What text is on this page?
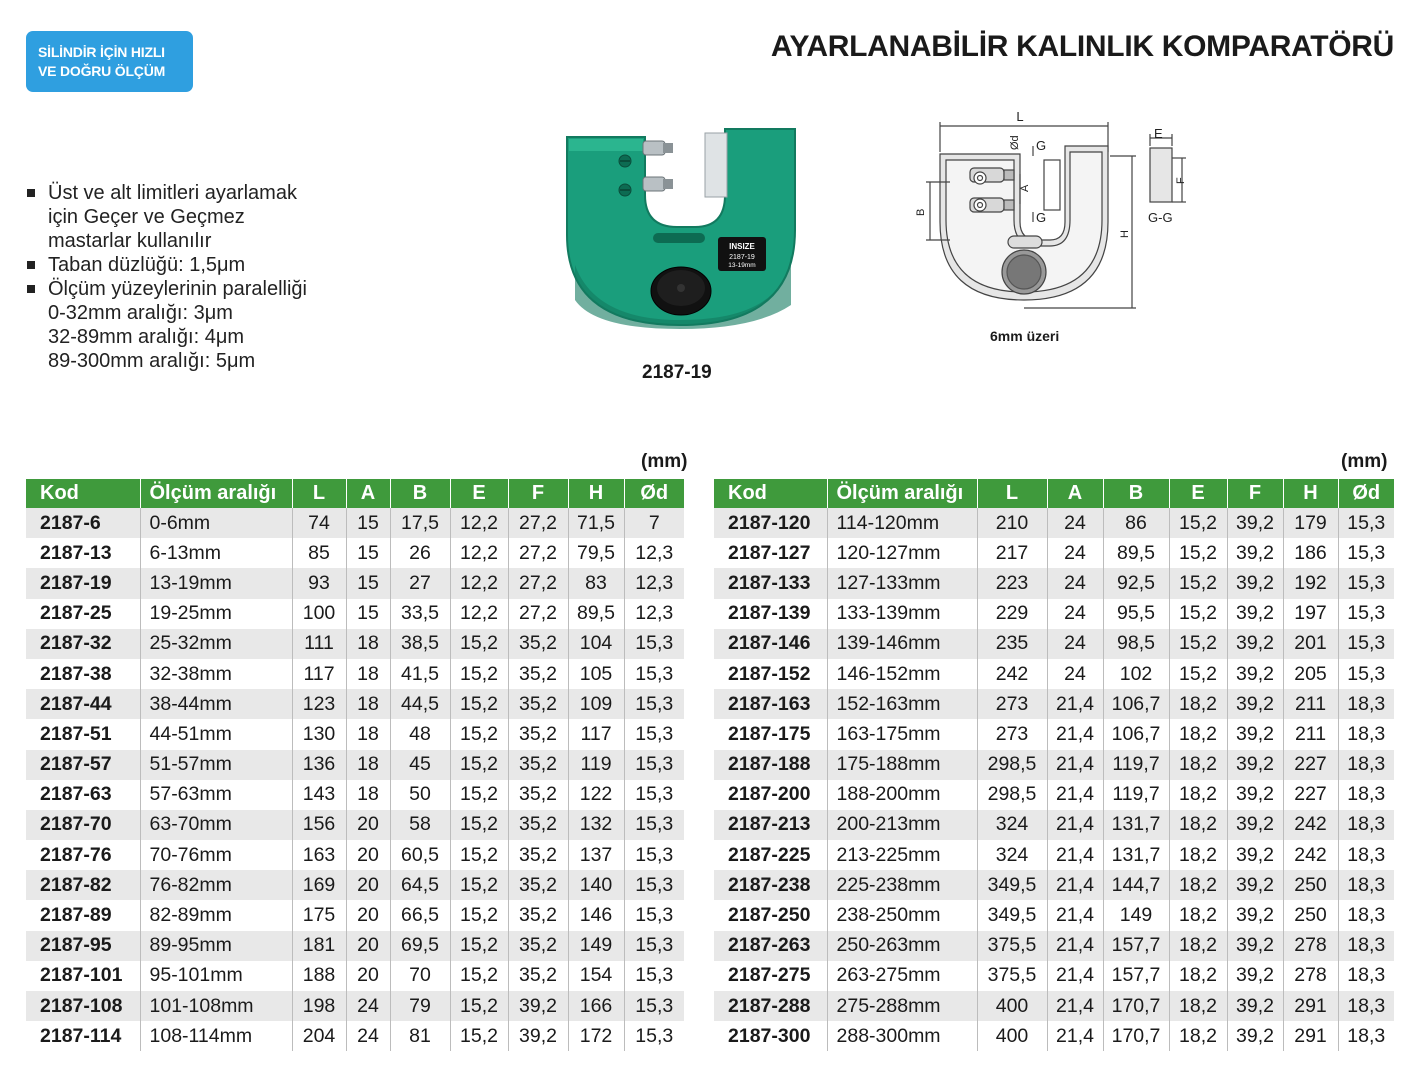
SİLİNDİR İÇİN HIZLI
VE DOĞRU ÖLÇÜM
AYARLANABİLİR KALINLIK KOMPARATÖRÜ
Üst ve alt limitleri ayarlamak
için Geçer ve Geçmez
mastarlar kullanılır
Taban düzlüğü: 1,5μm
Ölçüm yüzeylerinin paralelliği
0-32mm aralığı: 3μm
32-89mm aralığı: 4μm
89-300mm aralığı: 5μm
INSIZE
2187-19
13-19mm
2187-19
L
Ød G
A
B
H
G
E
F
G-G
6mm üzeri
(mm)	(mm)
Kod	Ölçüm aralığı	L	A	B	E	F	H	Ød
2187-6	0-6mm	74	15	17,5	12,2	27,2	71,5	7
2187-13	6-13mm	85	15	26	12,2	27,2	79,5	12,3
2187-19	13-19mm	93	15	27	12,2	27,2	83	12,3
2187-25	19-25mm	100	15	33,5	12,2	27,2	89,5	12,3
2187-32	25-32mm	111	18	38,5	15,2	35,2	104	15,3
2187-38	32-38mm	117	18	41,5	15,2	35,2	105	15,3
2187-44	38-44mm	123	18	44,5	15,2	35,2	109	15,3
2187-51	44-51mm	130	18	48	15,2	35,2	117	15,3
2187-57	51-57mm	136	18	45	15,2	35,2	119	15,3
2187-63	57-63mm	143	18	50	15,2	35,2	122	15,3
2187-70	63-70mm	156	20	58	15,2	35,2	132	15,3
2187-76	70-76mm	163	20	60,5	15,2	35,2	137	15,3
2187-82	76-82mm	169	20	64,5	15,2	35,2	140	15,3
2187-89	82-89mm	175	20	66,5	15,2	35,2	146	15,3
2187-95	89-95mm	181	20	69,5	15,2	35,2	149	15,3
2187-101	95-101mm	188	20	70	15,2	35,2	154	15,3
2187-108	101-108mm	198	24	79	15,2	39,2	166	15,3
2187-114	108-114mm	204	24	81	15,2	39,2	172	15,3
Kod	Ölçüm aralığı	L	A	B	E	F	H	Ød
2187-120	114-120mm	210	24	86	15,2	39,2	179	15,3
2187-127	120-127mm	217	24	89,5	15,2	39,2	186	15,3
2187-133	127-133mm	223	24	92,5	15,2	39,2	192	15,3
2187-139	133-139mm	229	24	95,5	15,2	39,2	197	15,3
2187-146	139-146mm	235	24	98,5	15,2	39,2	201	15,3
2187-152	146-152mm	242	24	102	15,2	39,2	205	15,3
2187-163	152-163mm	273	21,4	106,7	18,2	39,2	211	18,3
2187-175	163-175mm	273	21,4	106,7	18,2	39,2	211	18,3
2187-188	175-188mm	298,5	21,4	119,7	18,2	39,2	227	18,3
2187-200	188-200mm	298,5	21,4	119,7	18,2	39,2	227	18,3
2187-213	200-213mm	324	21,4	131,7	18,2	39,2	242	18,3
2187-225	213-225mm	324	21,4	131,7	18,2	39,2	242	18,3
2187-238	225-238mm	349,5	21,4	144,7	18,2	39,2	250	18,3
2187-250	238-250mm	349,5	21,4	149	18,2	39,2	250	18,3
2187-263	250-263mm	375,5	21,4	157,7	18,2	39,2	278	18,3
2187-275	263-275mm	375,5	21,4	157,7	18,2	39,2	278	18,3
2187-288	275-288mm	400	21,4	170,7	18,2	39,2	291	18,3
2187-300	288-300mm	400	21,4	170,7	18,2	39,2	291	18,3
